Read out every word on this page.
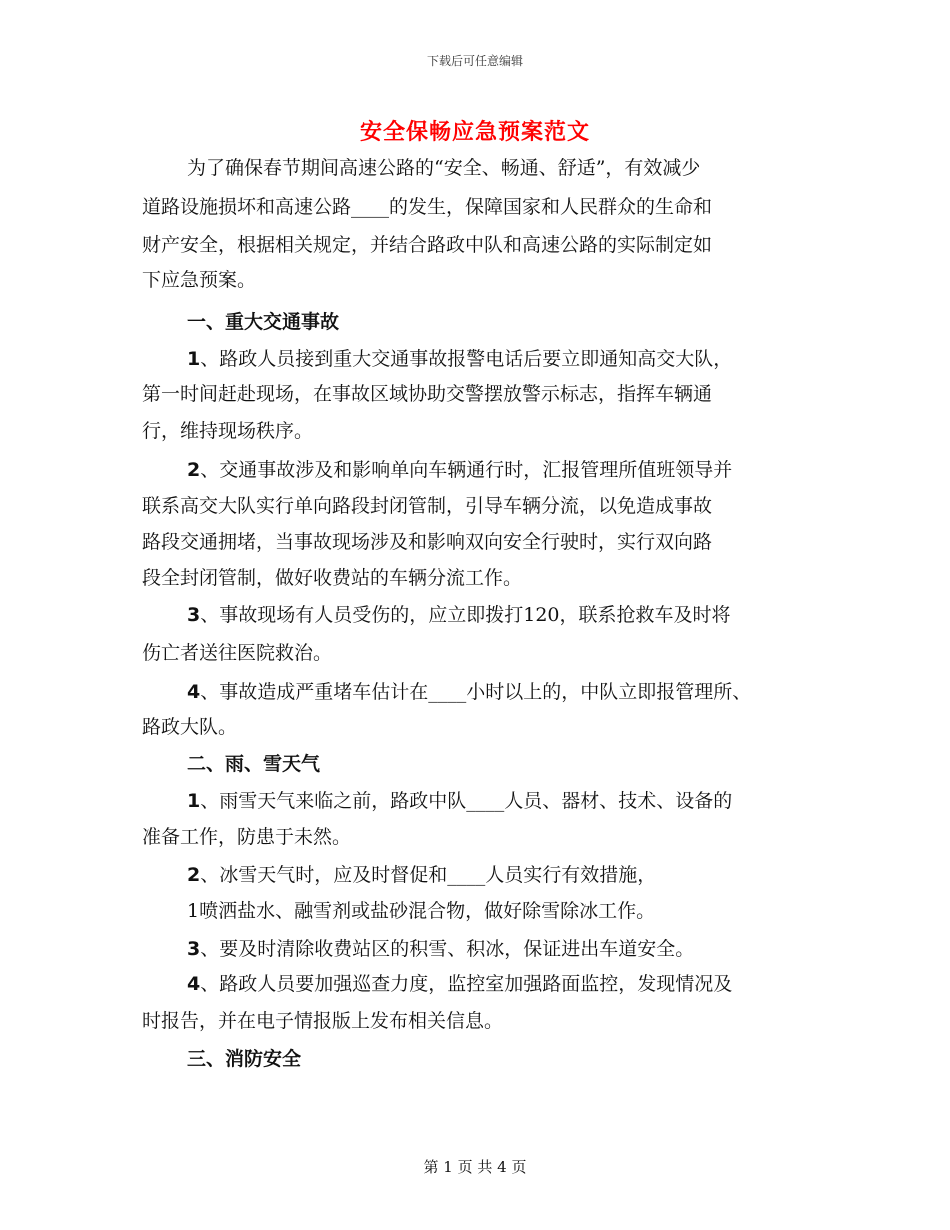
下载后可任意编辑
安全保畅应急预案范文
为了确保春节期间高速公路的“安全、畅通、舒适”，有效减少
道路设施损坏和高速公路____的发生，保障国家和人民群众的生命和
财产安全，根据相关规定，并结合路政中队和高速公路的实际制定如
下应急预案。
一、重大交通事故
1、路政人员接到重大交通事故报警电话后要立即通知高交大队，
第一时间赶赴现场，在事故区域协助交警摆放警示标志，指挥车辆通
行，维持现场秩序。
2、交通事故涉及和影响单向车辆通行时，汇报管理所值班领导并
联系高交大队实行单向路段封闭管制，引导车辆分流，以免造成事故
路段交通拥堵，当事故现场涉及和影响双向安全行驶时，实行双向路
段全封闭管制，做好收费站的车辆分流工作。
3、事故现场有人员受伤的，应立即拨打120，联系抢救车及时将
伤亡者送往医院救治。
4、事故造成严重堵车估计在____小时以上的，中队立即报管理所、
路政大队。
二、雨、雪天气
1、雨雪天气来临之前，路政中队____人员、器材、技术、设备的
准备工作，防患于未然。
2、冰雪天气时，应及时督促和____人员实行有效措施，
1喷洒盐水、融雪剂或盐砂混合物，做好除雪除冰工作。
3、要及时清除收费站区的积雪、积冰，保证进出车道安全。
4、路政人员要加强巡查力度，监控室加强路面监控，发现情况及
时报告，并在电子情报版上发布相关信息。
三、消防安全
第 1 页 共 4 页
